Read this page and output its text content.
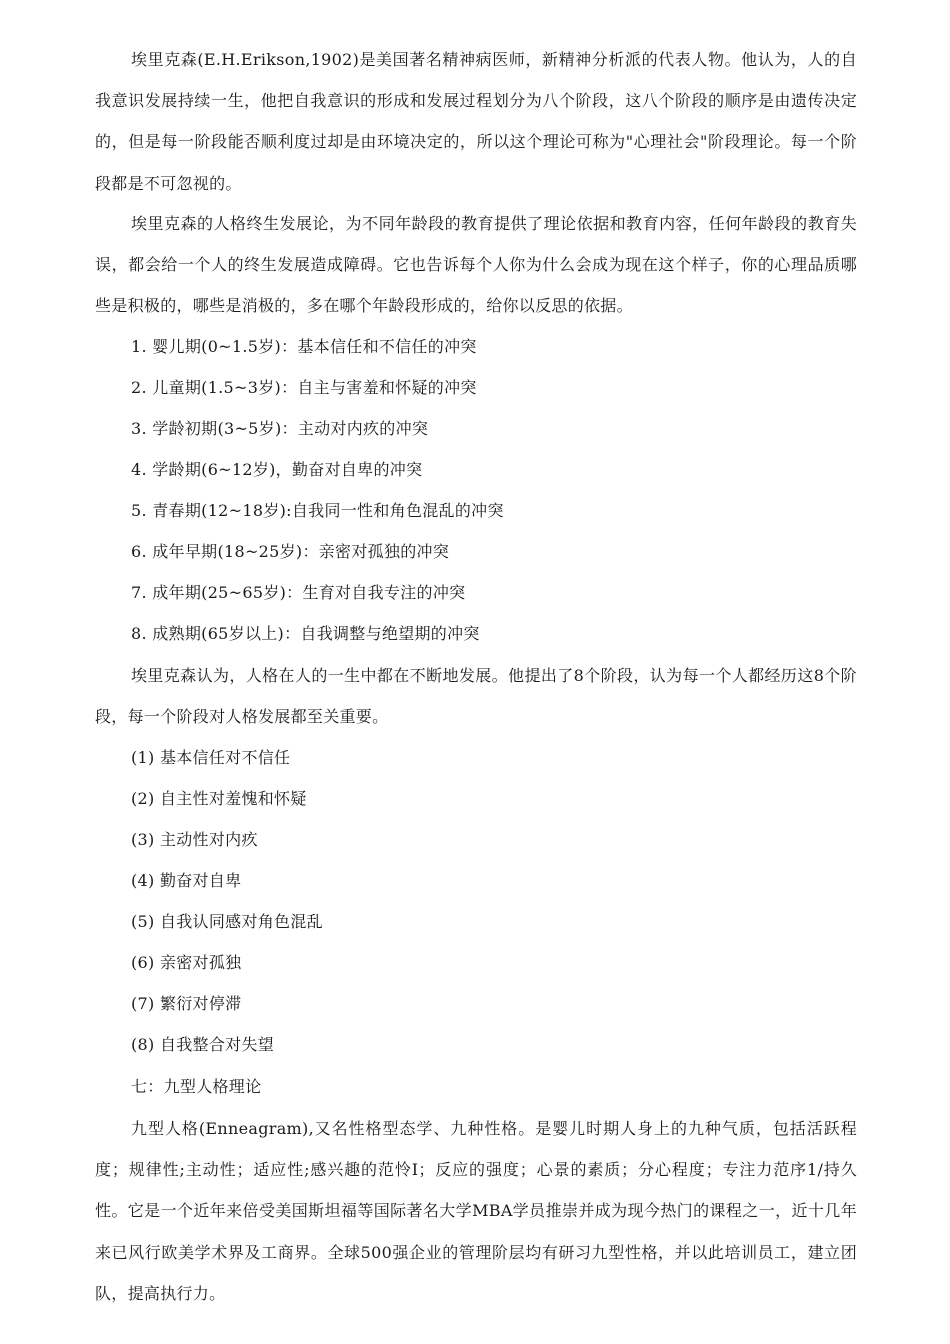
埃里克森(E.H.Erikson,1902)是美国著名精神病医师，新精神分析派的代表人物。他认为，人的自我意识发展持续一生，他把自我意识的形成和发展过程划分为八个阶段，这八个阶段的顺序是由遗传决定的，但是每一阶段能否顺利度过却是由环境决定的，所以这个理论可称为"心理社会"阶段理论。每一个阶段都是不可忽视的。

埃里克森的人格终生发展论，为不同年龄段的教育提供了理论依据和教育内容，任何年龄段的教育失误，都会给一个人的终生发展造成障碍。它也告诉每个人你为什么会成为现在这个样子，你的心理品质哪些是积极的，哪些是消极的，多在哪个年龄段形成的，给你以反思的依据。

1. 婴儿期(0~1.5岁)：基本信任和不信任的冲突

2. 儿童期(1.5~3岁)：自主与害羞和怀疑的冲突

3. 学龄初期(3~5岁)：主动对内疚的冲突

4. 学龄期(6~12岁)，勤奋对自卑的冲突

5. 青春期(12~18岁):自我同一性和角色混乱的冲突

6. 成年早期(18~25岁)：亲密对孤独的冲突

7. 成年期(25~65岁)：生育对自我专注的冲突

8. 成熟期(65岁以上)：自我调整与绝望期的冲突

埃里克森认为，人格在人的一生中都在不断地发展。他提出了8个阶段，认为每一个人都经历这8个阶段，每一个阶段对人格发展都至关重要。

(1) 基本信任对不信任

(2) 自主性对羞愧和怀疑

(3) 主动性对内疚

(4) 勤奋对自卑

(5) 自我认同感对角色混乱

(6) 亲密对孤独

(7) 繁衍对停滞

(8) 自我整合对失望

七：九型人格理论

九型人格(Enneagram),又名性格型态学、九种性格。是婴儿时期人身上的九种气质，包括活跃程度；规律性;主动性；适应性;感兴趣的范怜I；反应的强度；心景的素质；分心程度；专注力范序1/持久性。它是一个近年来倍受美国斯坦福等国际著名大学MBA学员推崇并成为现今热门的课程之一，近十几年来已风行欧美学术界及工商界。全球500强企业的管理阶层均有研习九型性格，并以此培训员工，建立团队，提高执行力。
